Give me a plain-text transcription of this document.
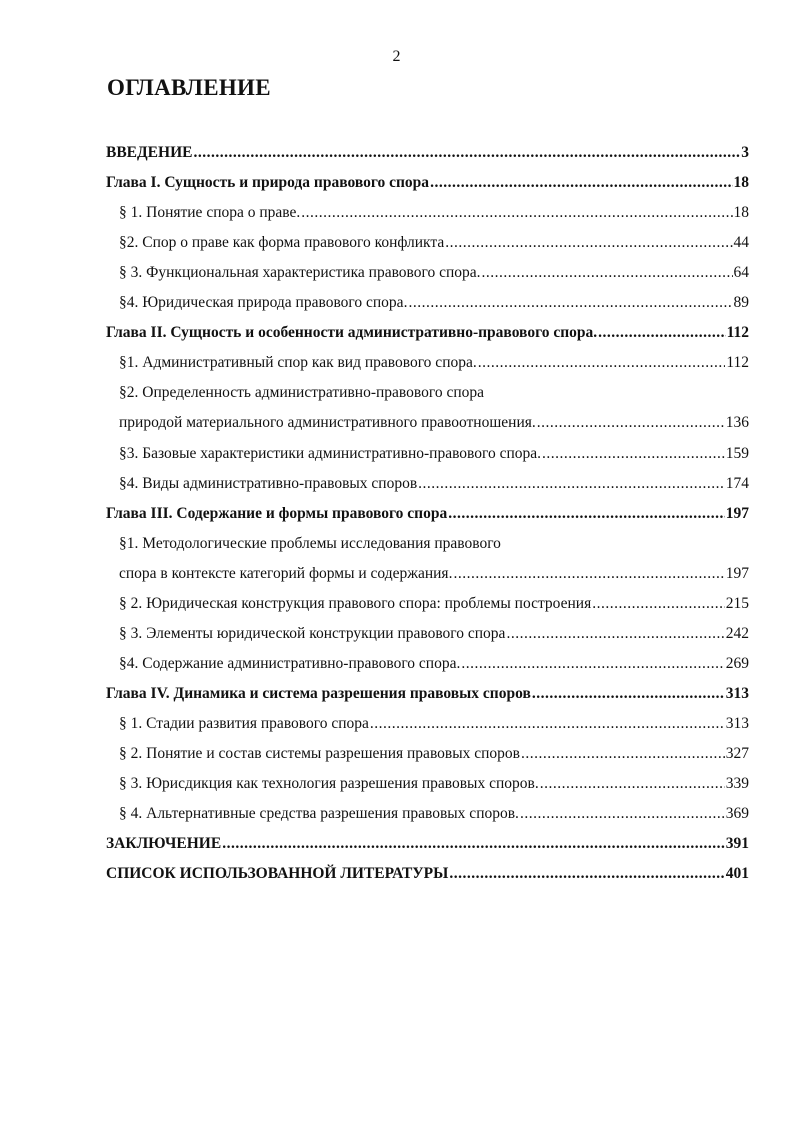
2
ОГЛАВЛЕНИЕ
ВВЕДЕНИЕ .....	3
Глава I. Сущность и природа правового спора .....	18
§ 1. Понятие спора о праве. .....	18
§2. Спор о праве как форма правового конфликта .....	44
§ 3. Функциональная характеристика правового спора. .....	64
§4. Юридическая природа правового спора. .....	89
Глава II. Сущность и особенности административно-правового спора. .....	112
§1. Административный спор как вид правового спора. .....	112
§2. Определенность административно-правового спора
природой материального административного правоотношения. .....	136
§3. Базовые характеристики административно-правового спора. .....	159
§4. Виды административно-правовых споров .....	174
Глава III. Содержание и формы правового спора .....	197
§1. Методологические проблемы исследования правового
спора в контексте категорий формы и содержания. .....	197
§ 2. Юридическая конструкция правового спора: проблемы построения .....	215
§ 3. Элементы юридической конструкции правового спора .....	242
§4. Содержание административно-правового спора. .....	269
Глава IV. Динамика и система разрешения правовых споров .....	313
§ 1. Стадии развития правового спора .....	313
§ 2. Понятие и состав системы разрешения правовых споров .....	327
§ 3. Юрисдикция как технология разрешения правовых споров. .....	339
§ 4. Альтернативные средства разрешения правовых споров. .....	369
ЗАКЛЮЧЕНИЕ .....	391
СПИСОК ИСПОЛЬЗОВАННОЙ ЛИТЕРАТУРЫ .....	401
